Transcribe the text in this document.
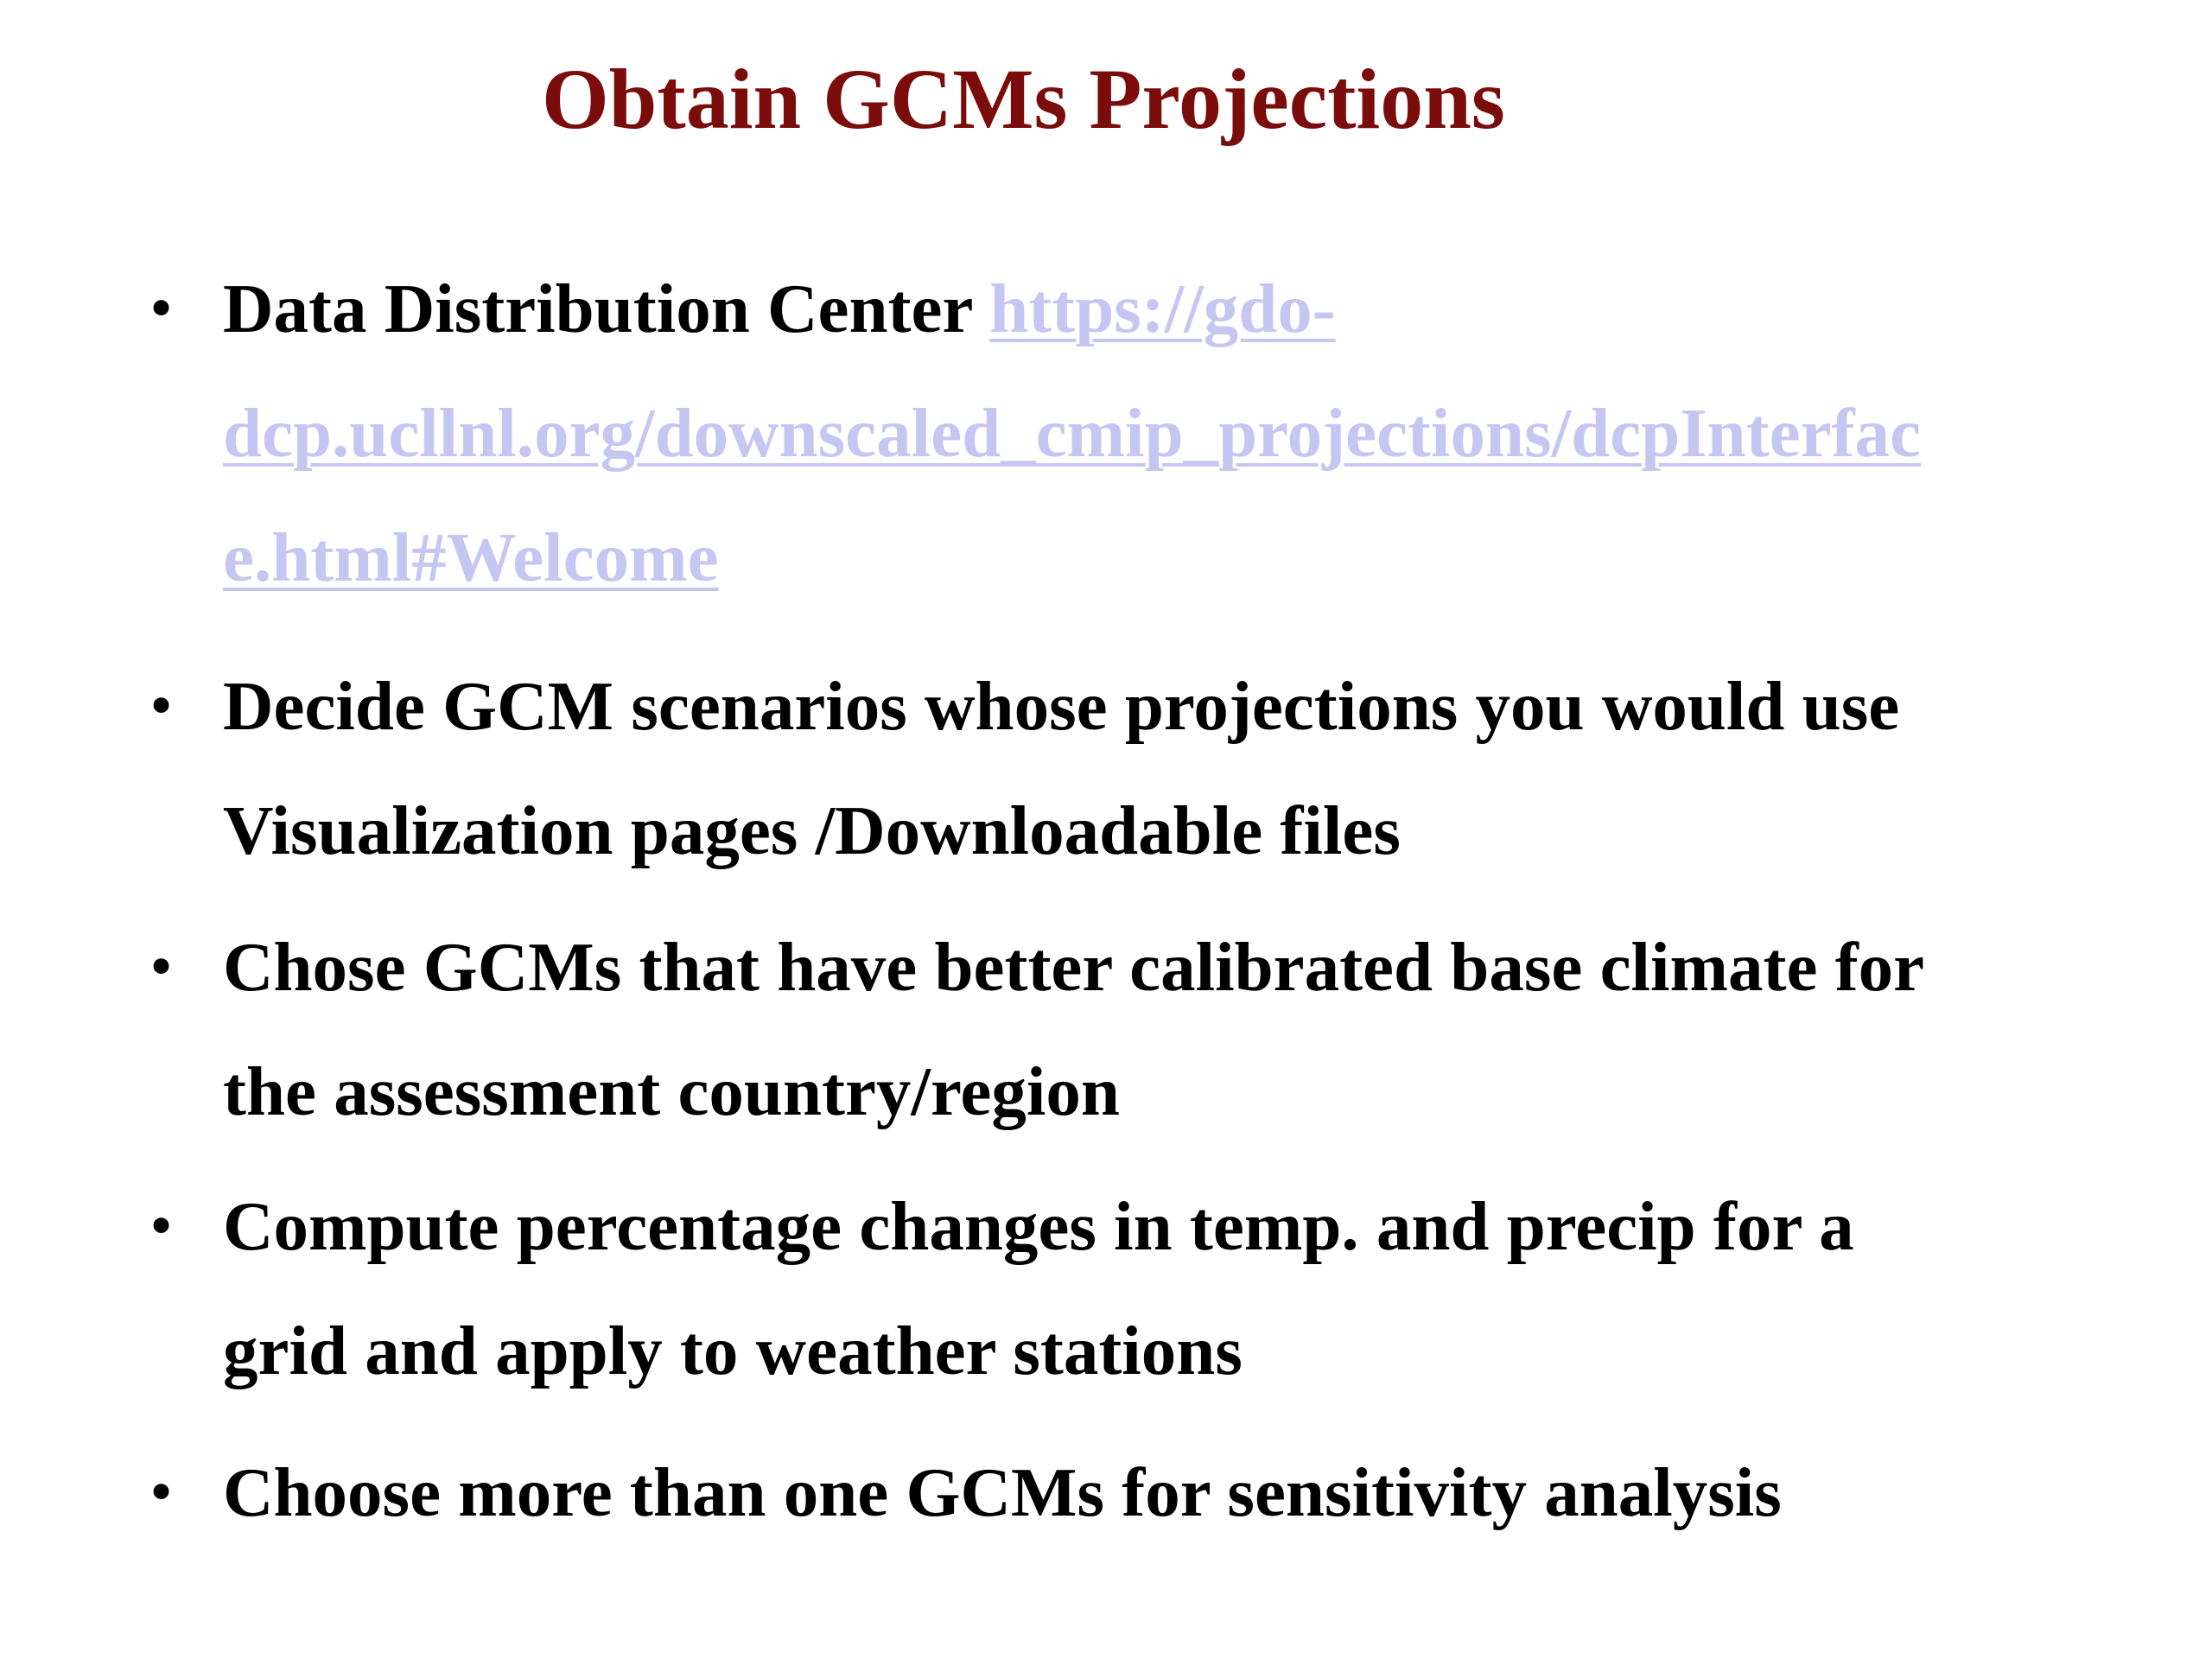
Obtain GCMs Projections
• Data Distribution Center https://gdo-
dcp.ucllnl.org/downscaled_cmip_projections/dcpInterfac
e.html#Welcome
• Decide GCM scenarios whose projections you would use
Visualization pages /Downloadable files
• Chose GCMs that have better calibrated base climate for
the assessment country/region
• Compute percentage changes in temp. and precip for a
grid and apply to weather stations
• Choose more than one GCMs for sensitivity analysis
